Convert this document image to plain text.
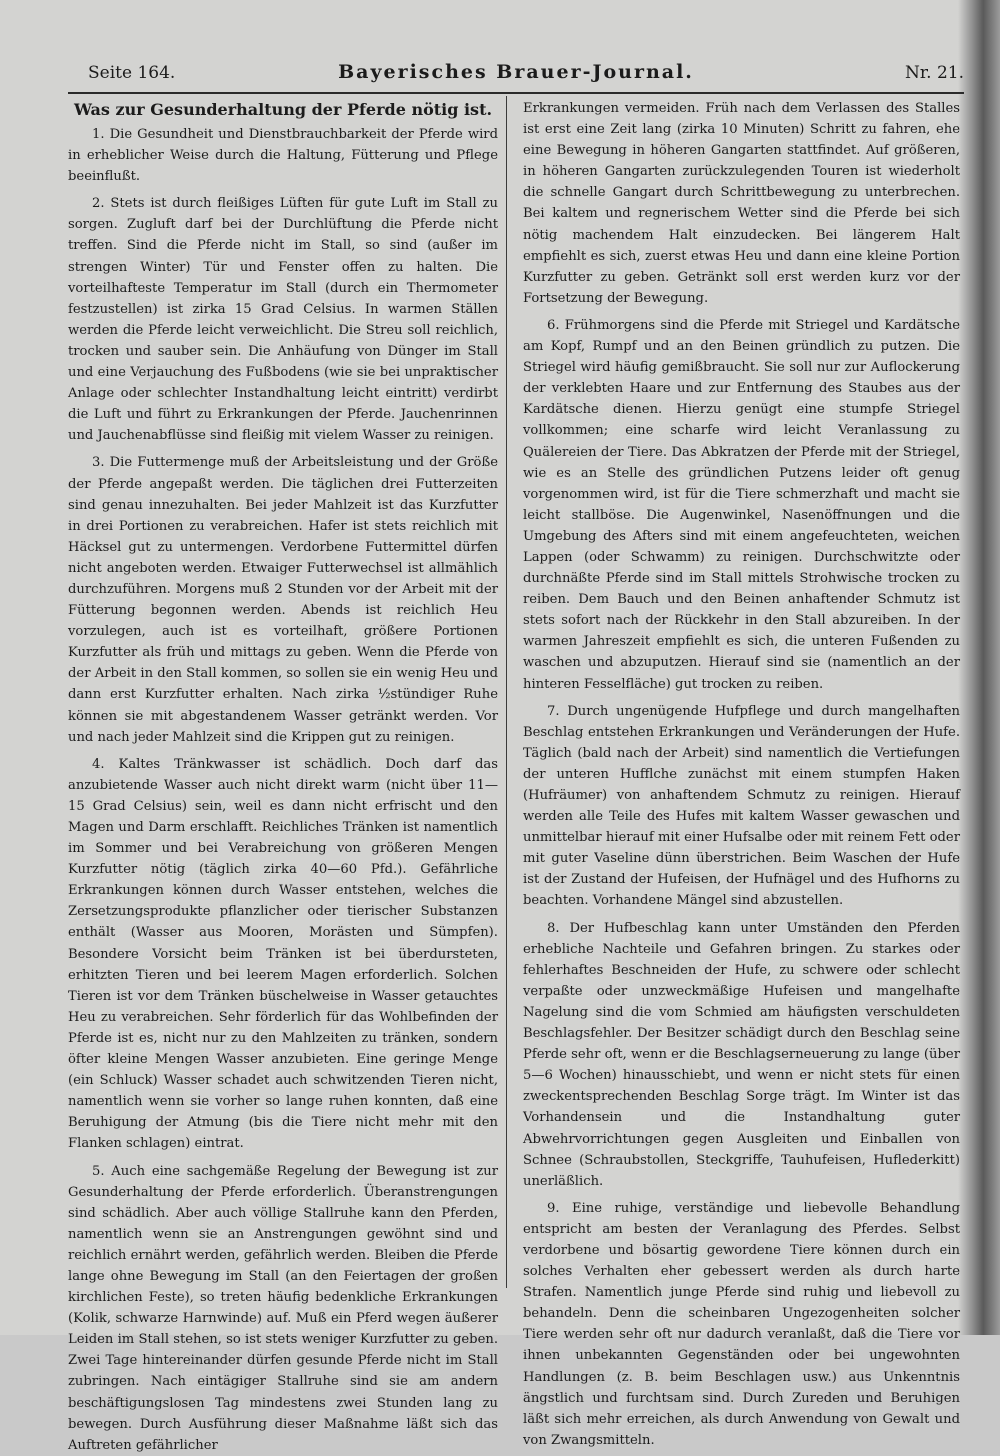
Seite 164.	Bayerisches Brauer-Journal.	Nr. 21.
Was zur Gesunderhaltung der Pferde nötig ist.

1. Die Gesundheit und Dienstbrauchbarkeit der Pferde wird in erheblicher Weise durch die Haltung, Fütterung und Pflege beeinflußt.

2. Stets ist durch fleißiges Lüften für gute Luft im Stall zu sorgen. Zugluft darf bei der Durchlüftung die Pferde nicht treffen. Sind die Pferde nicht im Stall, so sind (außer im strengen Winter) Tür und Fenster offen zu halten. Die vorteilhafteste Temperatur im Stall (durch ein Thermometer festzustellen) ist zirka 15 Grad Celsius. In warmen Ställen werden die Pferde leicht verweichlicht. Die Streu soll reichlich, trocken und sauber sein. Die Anhäufung von Dünger im Stall und eine Verjauchung des Fußbodens (wie sie bei unpraktischer Anlage oder schlechter Instandhaltung leicht eintritt) verdirbt die Luft und führt zu Erkrankungen der Pferde. Jauchenrinnen und Jauchenabflüsse sind fleißig mit vielem Wasser zu reinigen.

3. Die Futtermenge muß der Arbeitsleistung und der Größe der Pferde angepaßt werden. Die täglichen drei Futterzeiten sind genau innezuhalten. Bei jeder Mahlzeit ist das Kurzfutter in drei Portionen zu verabreichen. Hafer ist stets reichlich mit Häcksel gut zu untermengen. Verdorbene Futtermittel dürfen nicht angeboten werden. Etwaiger Futterwechsel ist allmählich durchzuführen. Morgens muß 2 Stunden vor der Arbeit mit der Fütterung begonnen werden. Abends ist reichlich Heu vorzulegen, auch ist es vorteilhaft, größere Portionen Kurzfutter als früh und mittags zu geben. Wenn die Pferde von der Arbeit in den Stall kommen, so sollen sie ein wenig Heu und dann erst Kurzfutter erhalten. Nach zirka ½stündiger Ruhe können sie mit abgestandenem Wasser getränkt werden. Vor und nach jeder Mahlzeit sind die Krippen gut zu reinigen.

4. Kaltes Tränkwasser ist schädlich. Doch darf das anzubietende Wasser auch nicht direkt warm (nicht über 11—15 Grad Celsius) sein, weil es dann nicht erfrischt und den Magen und Darm erschlafft. Reichliches Tränken ist namentlich im Sommer und bei Verabreichung von größeren Mengen Kurzfutter nötig (täglich zirka 40—60 Pfd.). Gefährliche Erkrankungen können durch Wasser entstehen, welches die Zersetzungsprodukte pflanzlicher oder tierischer Substanzen enthält (Wasser aus Mooren, Morästen und Sümpfen). Besondere Vorsicht beim Tränken ist bei überdursteten, erhitzten Tieren und bei leerem Magen erforderlich. Solchen Tieren ist vor dem Tränken büschelweise in Wasser getauchtes Heu zu verabreichen. Sehr förderlich für das Wohlbefinden der Pferde ist es, nicht nur zu den Mahlzeiten zu tränken, sondern öfter kleine Mengen Wasser anzubieten. Eine geringe Menge (ein Schluck) Wasser schadet auch schwitzenden Tieren nicht, namentlich wenn sie vorher so lange ruhen konnten, daß eine Beruhigung der Atmung (bis die Tiere nicht mehr mit den Flanken schlagen) eintrat.

5. Auch eine sachgemäße Regelung der Bewegung ist zur Gesunderhaltung der Pferde erforderlich. Überanstrengungen sind schädlich. Aber auch völlige Stallruhe kann den Pferden, namentlich wenn sie an Anstrengungen gewöhnt sind und reichlich ernährt werden, gefährlich werden. Bleiben die Pferde lange ohne Bewegung im Stall (an den Feiertagen der großen kirchlichen Feste), so treten häufig bedenkliche Erkrankungen (Kolik, schwarze Harnwinde) auf. Muß ein Pferd wegen äußerer Leiden im Stall stehen, so ist stets weniger Kurzfutter zu geben. Zwei Tage hintereinander dürfen gesunde Pferde nicht im Stall zubringen. Nach eintägiger Stallruhe sind sie am andern beschäftigungslosen Tag mindestens zwei Stunden lang zu bewegen. Durch Ausführung dieser Maßnahme läßt sich das Auftreten gefährlicher

Erkrankungen vermeiden. Früh nach dem Verlassen des Stalles ist erst eine Zeit lang (zirka 10 Minuten) Schritt zu fahren, ehe eine Bewegung in höheren Gangarten stattfindet. Auf größeren, in höheren Gangarten zurückzulegenden Touren ist wiederholt die schnelle Gangart durch Schrittbewegung zu unterbrechen. Bei kaltem und regnerischem Wetter sind die Pferde bei sich nötig machendem Halt einzudecken. Bei längerem Halt empfiehlt es sich, zuerst etwas Heu und dann eine kleine Portion Kurzfutter zu geben. Getränkt soll erst werden kurz vor der Fortsetzung der Bewegung.

6. Frühmorgens sind die Pferde mit Striegel und Kardätsche am Kopf, Rumpf und an den Beinen gründlich zu putzen. Die Striegel wird häufig gemißbraucht. Sie soll nur zur Auflockerung der verklebten Haare und zur Entfernung des Staubes aus der Kardätsche dienen. Hierzu genügt eine stumpfe Striegel vollkommen; eine scharfe wird leicht Veranlassung zu Quälereien der Tiere. Das Abkratzen der Pferde mit der Striegel, wie es an Stelle des gründlichen Putzens leider oft genug vorgenommen wird, ist für die Tiere schmerzhaft und macht sie leicht stallböse. Die Augenwinkel, Nasenöffnungen und die Umgebung des Afters sind mit einem angefeuchteten, weichen Lappen (oder Schwamm) zu reinigen. Durchschwitzte oder durchnäßte Pferde sind im Stall mittels Strohwische trocken zu reiben. Dem Bauch und den Beinen anhaftender Schmutz ist stets sofort nach der Rückkehr in den Stall abzureiben. In der warmen Jahreszeit empfiehlt es sich, die unteren Fußenden zu waschen und abzuputzen. Hierauf sind sie (namentlich an der hinteren Fesselfläche) gut trocken zu reiben.

7. Durch ungenügende Hufpflege und durch mangelhaften Beschlag entstehen Erkrankungen und Veränderungen der Hufe. Täglich (bald nach der Arbeit) sind namentlich die Vertiefungen der unteren Hufflche zunächst mit einem stumpfen Haken (Hufräumer) von anhaftendem Schmutz zu reinigen. Hierauf werden alle Teile des Hufes mit kaltem Wasser gewaschen und unmittelbar hierauf mit einer Hufsalbe oder mit reinem Fett oder mit guter Vaseline dünn überstrichen. Beim Waschen der Hufe ist der Zustand der Hufeisen, der Hufnägel und des Hufhorns zu beachten. Vorhandene Mängel sind abzustellen.

8. Der Hufbeschlag kann unter Umständen den Pferden erhebliche Nachteile und Gefahren bringen. Zu starkes oder fehlerhaftes Beschneiden der Hufe, zu schwere oder schlecht verpaßte oder unzweckmäßige Hufeisen und mangelhafte Nagelung sind die vom Schmied am häufigsten verschuldeten Beschlagsfehler. Der Besitzer schädigt durch den Beschlag seine Pferde sehr oft, wenn er die Beschlagserneuerung zu lange (über 5—6 Wochen) hinausschiebt, und wenn er nicht stets für einen zweckentsprechenden Beschlag Sorge trägt. Im Winter ist das Vorhandensein und die Instandhaltung guter Abwehrvorrichtungen gegen Ausgleiten und Einballen von Schnee (Schraubstollen, Steckgriffe, Tauhufeisen, Huflederkitt) unerläßlich.

9. Eine ruhige, verständige und liebevolle Behandlung entspricht am besten der Veranlagung des Pferdes. Selbst verdorbene und bösartig gewordene Tiere können durch ein solches Verhalten eher gebessert werden als durch harte Strafen. Namentlich junge Pferde sind ruhig und liebevoll zu behandeln. Denn die scheinbaren Ungezogenheiten solcher Tiere werden sehr oft nur dadurch veranlaßt, daß die Tiere vor ihnen unbekannten Gegenständen oder bei ungewohnten Handlungen (z. B. beim Beschlagen usw.) aus Unkenntnis ängstlich und furchtsam sind. Durch Zureden und Beruhigen läßt sich mehr erreichen, als durch Anwendung von Gewalt und von Zwangsmitteln.
